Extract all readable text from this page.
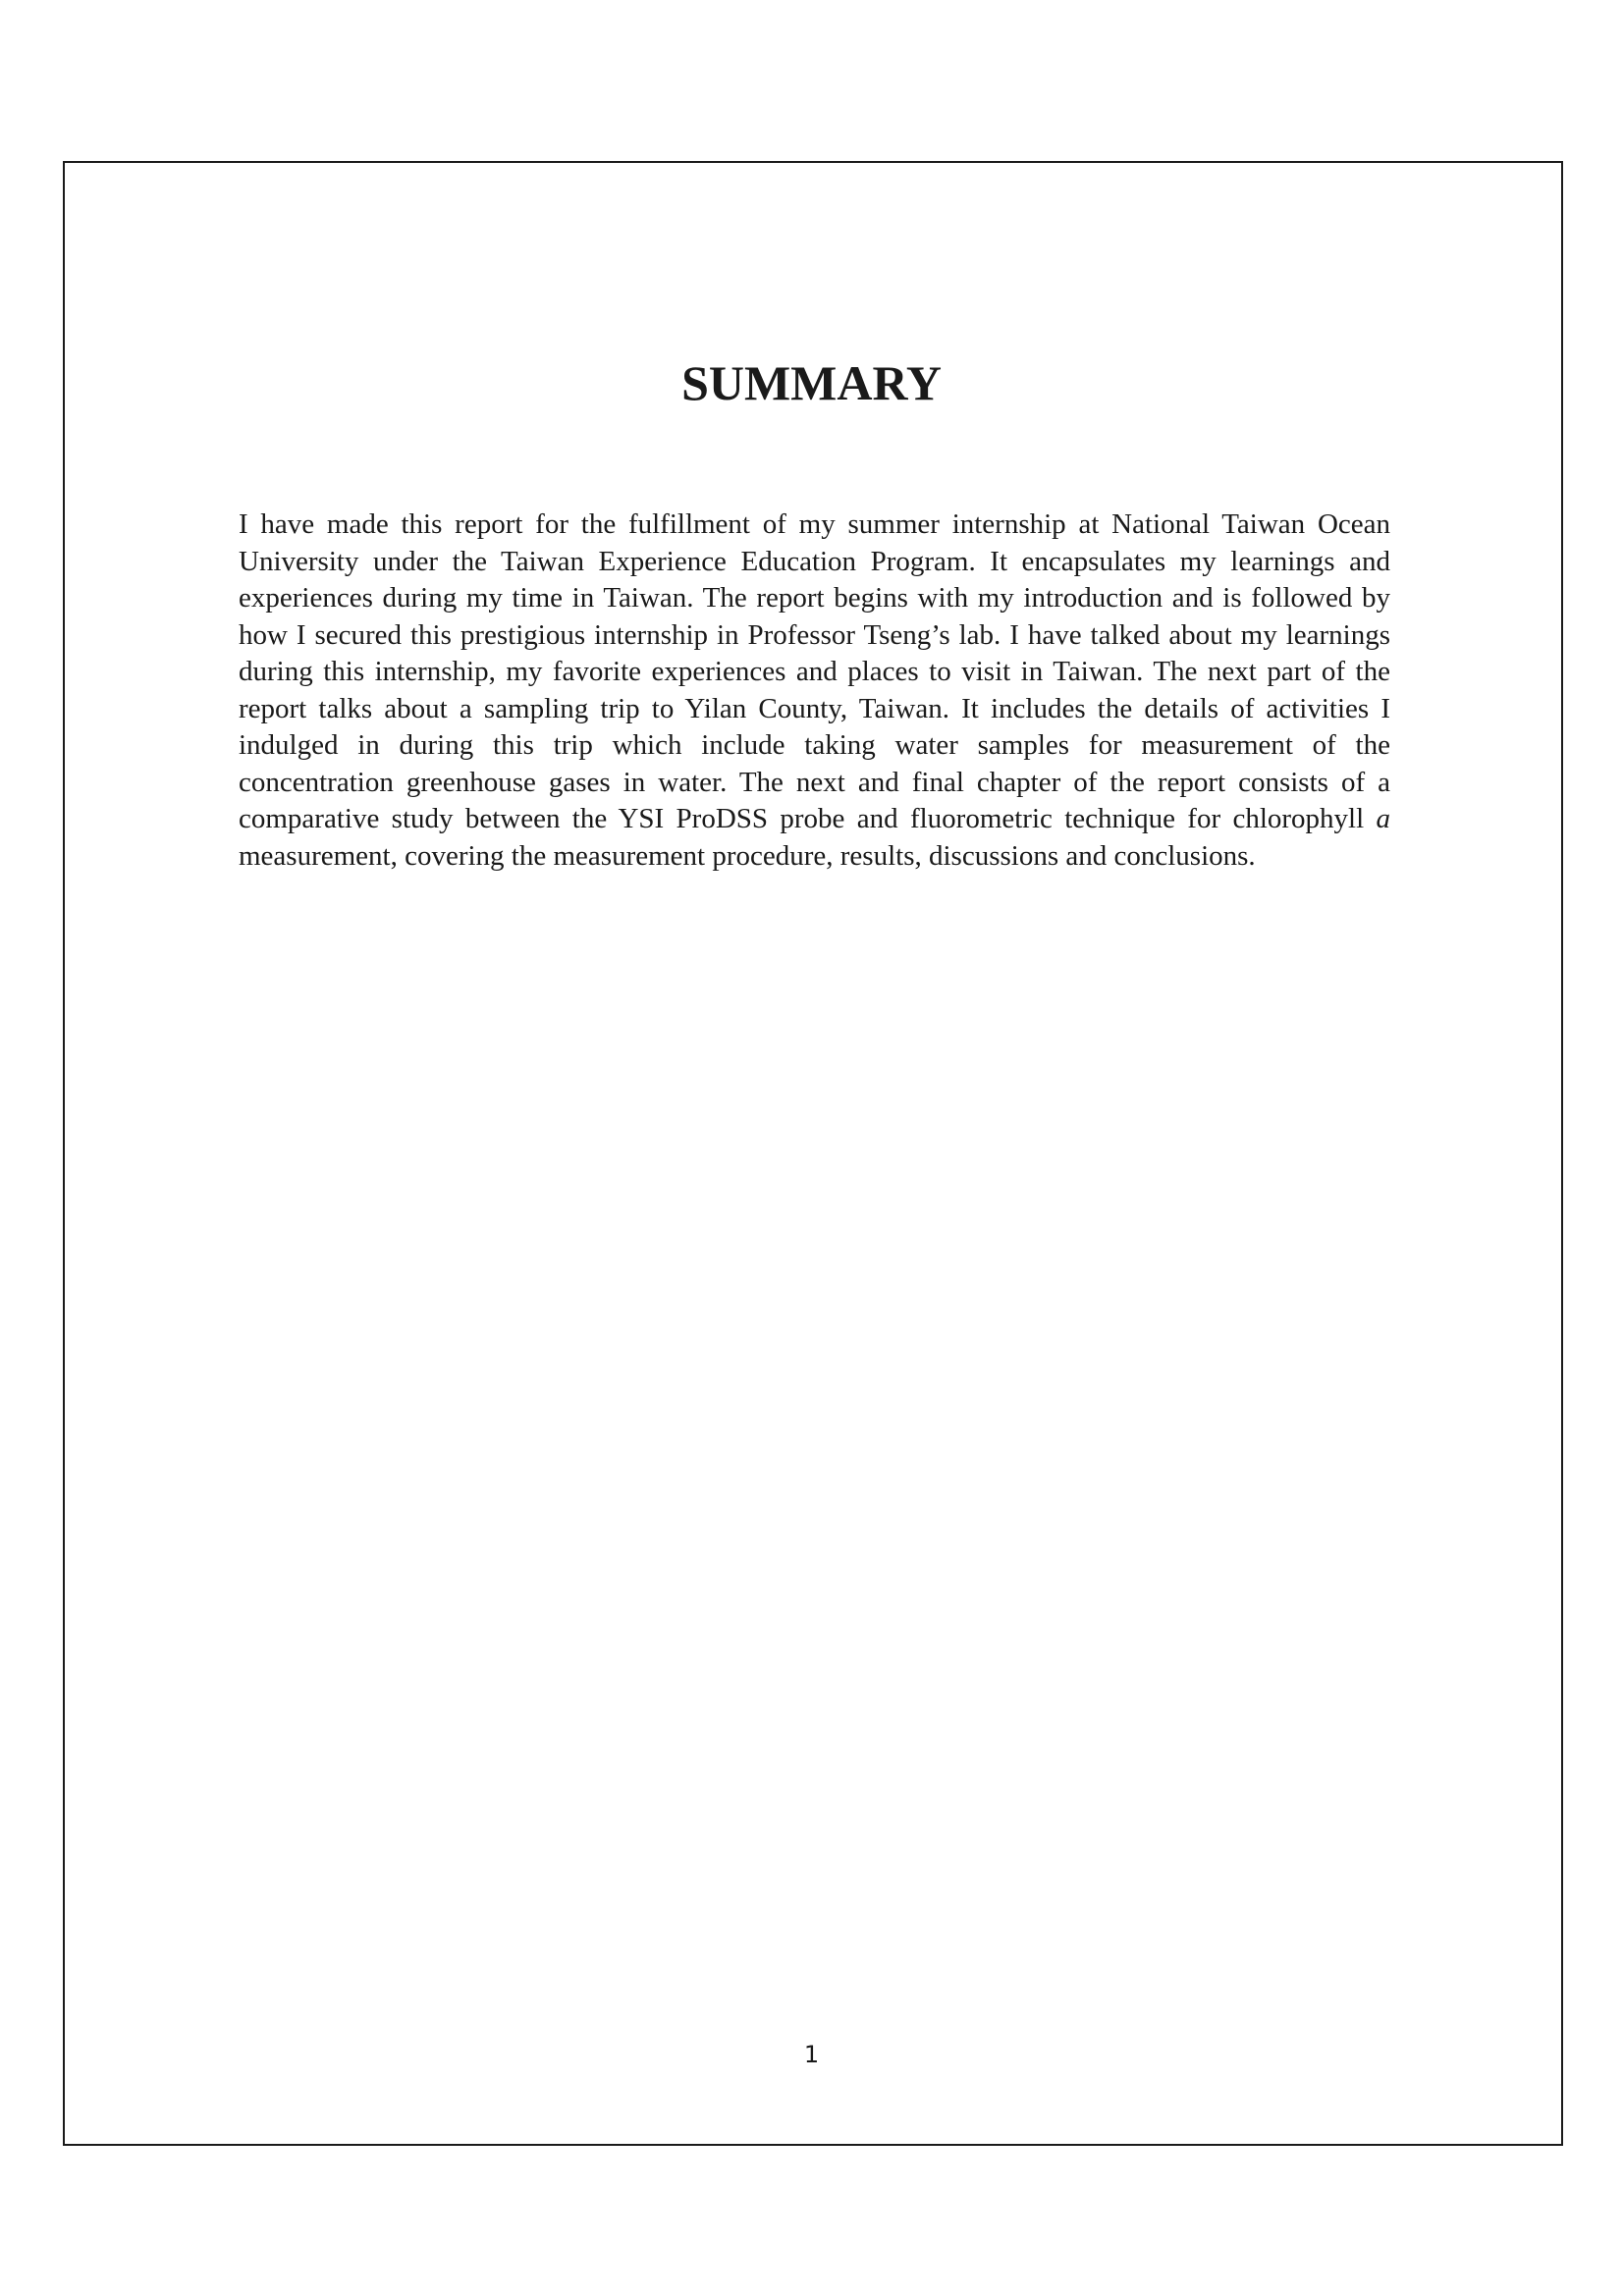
SUMMARY

I have made this report for the fulfillment of my summer internship at National Taiwan Ocean University under the Taiwan Experience Education Program. It encapsulates my learnings and experiences during my time in Taiwan. The report begins with my introduction and is followed by how I secured this prestigious internship in Professor Tseng’s lab. I have talked about my learnings during this internship, my favorite experiences and places to visit in Taiwan. The next part of the report talks about a sampling trip to Yilan County, Taiwan. It includes the details of activities I indulged in during this trip which include taking water samples for measurement of the concentration greenhouse gases in water. The next and final chapter of the report consists of a comparative study between the YSI ProDSS probe and fluorometric technique for chlorophyll a measurement, covering the measurement procedure, results, discussions and conclusions.

1
